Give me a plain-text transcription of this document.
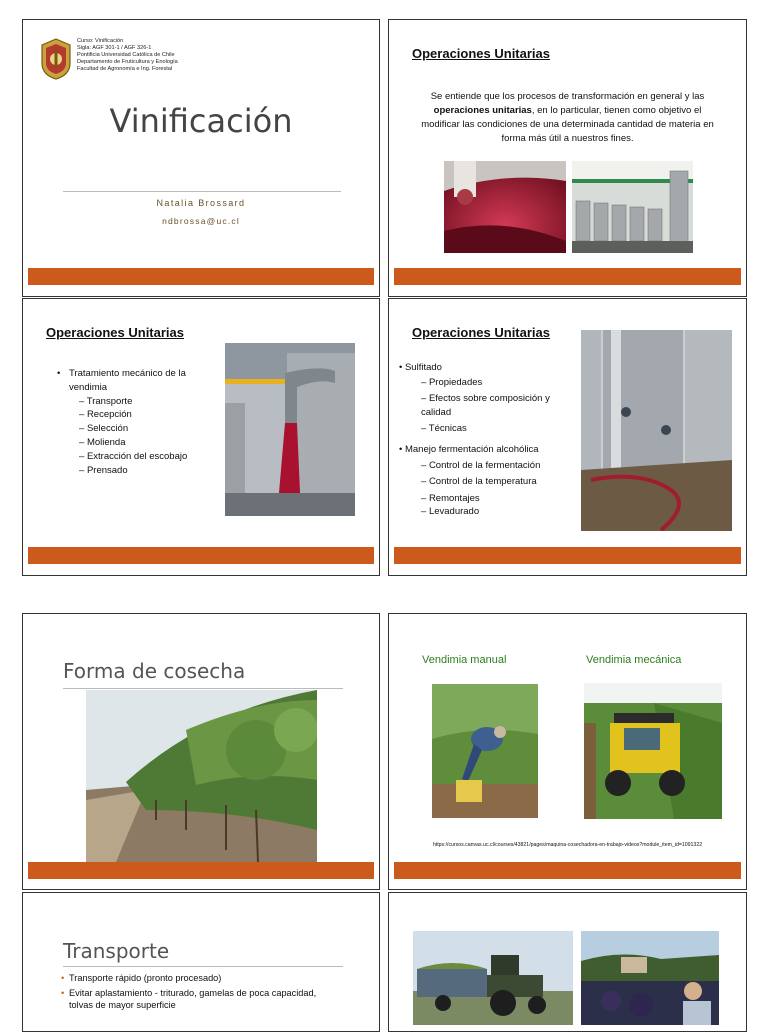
Curso: Vinificación
Sigla: AGF 301-1 / AGF 326-1
Pontificia Universidad Católica de Chile
Departamento de Fruticultura y Enología
Facultad de Agronomía e Ing. Forestal
Vinificación
Natalia Brossard
ndbrossa@uc.cl
Operaciones Unitarias
Se entiende que los procesos de transformación en general y las
operaciones unitarias, en lo particular, tienen como objetivo el
modificar las condiciones de una determinada cantidad de materia en
forma más útil a nuestros fines.
Operaciones Unitarias
• Tratamiento mecánico de la vendimia
– Transporte
– Recepción
– Selección
– Molienda
– Extracción del escobajo
– Prensado
Operaciones Unitarias
• Sulfitado
– Propiedades
– Efectos sobre composición y calidad
– Técnicas
• Manejo fermentación alcohólica
– Control de la fermentación
– Control de la temperatura
– Remontajes
– Levadurado
Forma de cosecha	Vendimia manual	Vendimia mecánica
https://cursos.canvas.uc.cl/courses/43821/pages/maquina-cosechadora-en-trabajo-videos?module_item_id=1091322
Transporte
• Transporte rápido (pronto procesado)
• Evitar aplastamiento - triturado, gamelas de poca capacidad, tolvas de mayor superficie
